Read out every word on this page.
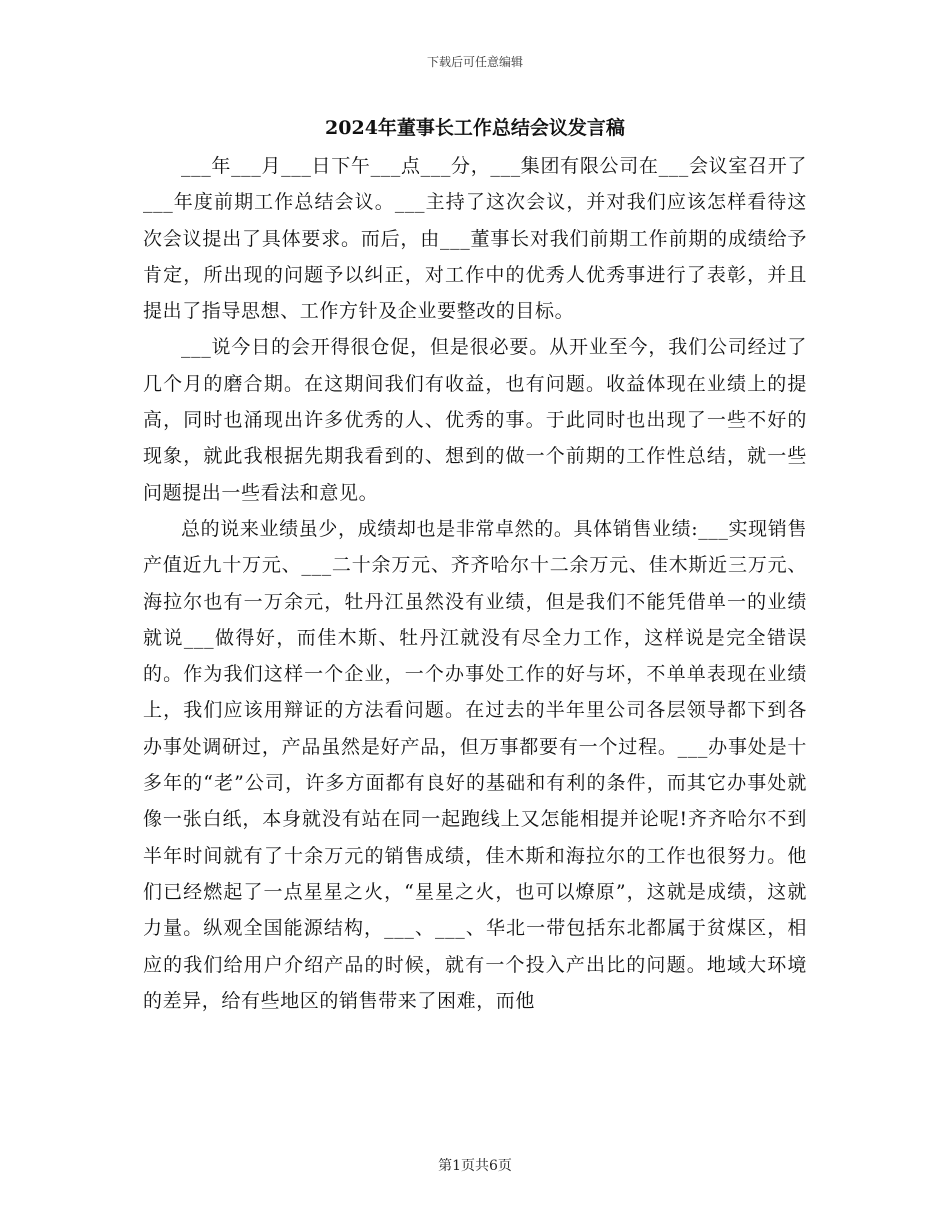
下载后可任意编辑
2024年董事长工作总结会议发言稿

___年___月___日下午___点___分，___集团有限公司在___会议室召开了___年度前期工作总结会议。___主持了这次会议，并对我们应该怎样看待这次会议提出了具体要求。而后，由___董事长对我们前期工作前期的成绩给予肯定，所出现的问题予以纠正，对工作中的优秀人优秀事进行了表彰，并且提出了指导思想、工作方针及企业要整改的目标。

___说今日的会开得很仓促，但是很必要。从开业至今，我们公司经过了几个月的磨合期。在这期间我们有收益，也有问题。收益体现在业绩上的提高，同时也涌现出许多优秀的人、优秀的事。于此同时也出现了一些不好的现象，就此我根据先期我看到的、想到的做一个前期的工作性总结，就一些问题提出一些看法和意见。

总的说来业绩虽少，成绩却也是非常卓然的。具体销售业绩:___实现销售产值近九十万元、___二十余万元、齐齐哈尔十二余万元、佳木斯近三万元、海拉尔也有一万余元，牡丹江虽然没有业绩，但是我们不能凭借单一的业绩就说___做得好，而佳木斯、牡丹江就没有尽全力工作，这样说是完全错误的。作为我们这样一个企业，一个办事处工作的好与坏，不单单表现在业绩上，我们应该用辩证的方法看问题。在过去的半年里公司各层领导都下到各办事处调研过，产品虽然是好产品，但万事都要有一个过程。___办事处是十多年的“老”公司，许多方面都有良好的基础和有利的条件，而其它办事处就像一张白纸，本身就没有站在同一起跑线上又怎能相提并论呢!齐齐哈尔不到半年时间就有了十余万元的销售成绩，佳木斯和海拉尔的工作也很努力。他们已经燃起了一点星星之火，“星星之火，也可以燎原”，这就是成绩，这就力量。纵观全国能源结构，___、___、华北一带包括东北都属于贫煤区，相应的我们给用户介绍产品的时候，就有一个投入产出比的问题。地域大环境的差异，给有些地区的销售带来了困难，而他

第1页共6页
